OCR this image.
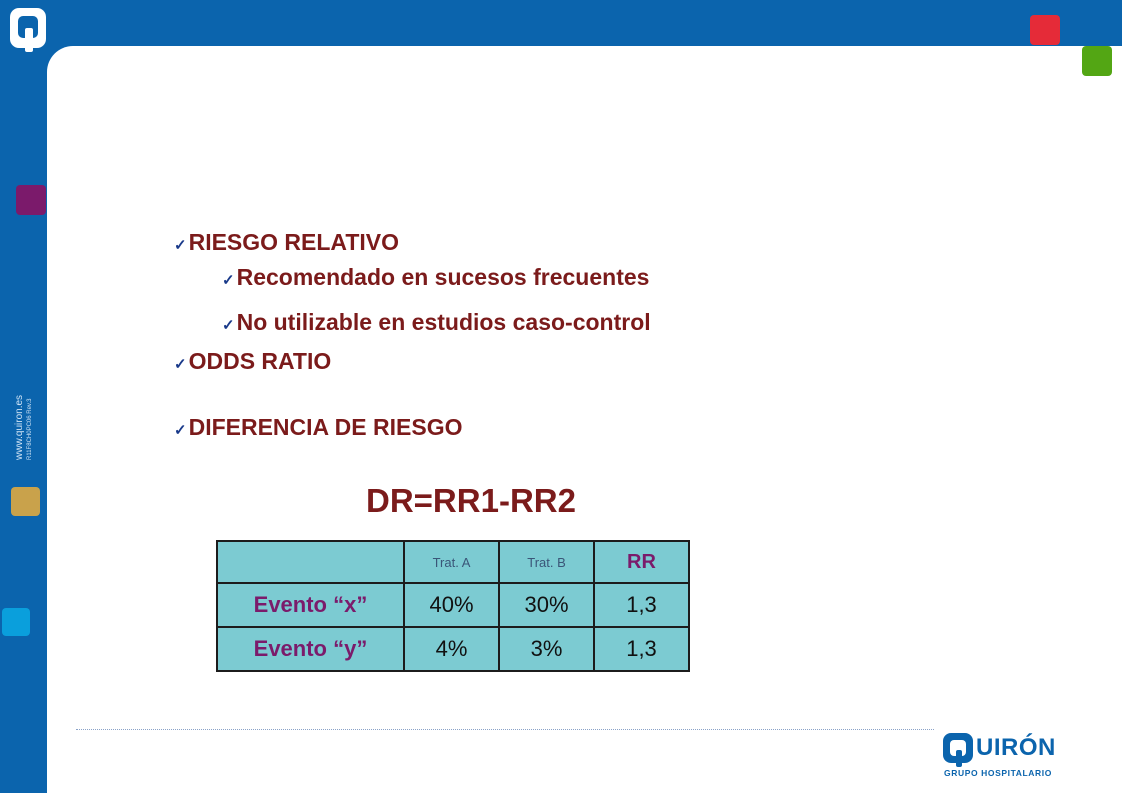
www.quiron.es R11F8CH0PC06 Rev.3
✓RIESGO RELATIVO
✓Recomendado en sucesos frecuentes
✓No utilizable en estudios caso-control
✓ODDS RATIO
✓DIFERENCIA DE RIESGO
DR=RR1-RR2
	Trat. A	Trat. B	RR
Evento “x”	40%	30%	1,3
Evento “y”	4%	3%	1,3
UIRÓN
GRUPO HOSPITALARIO
